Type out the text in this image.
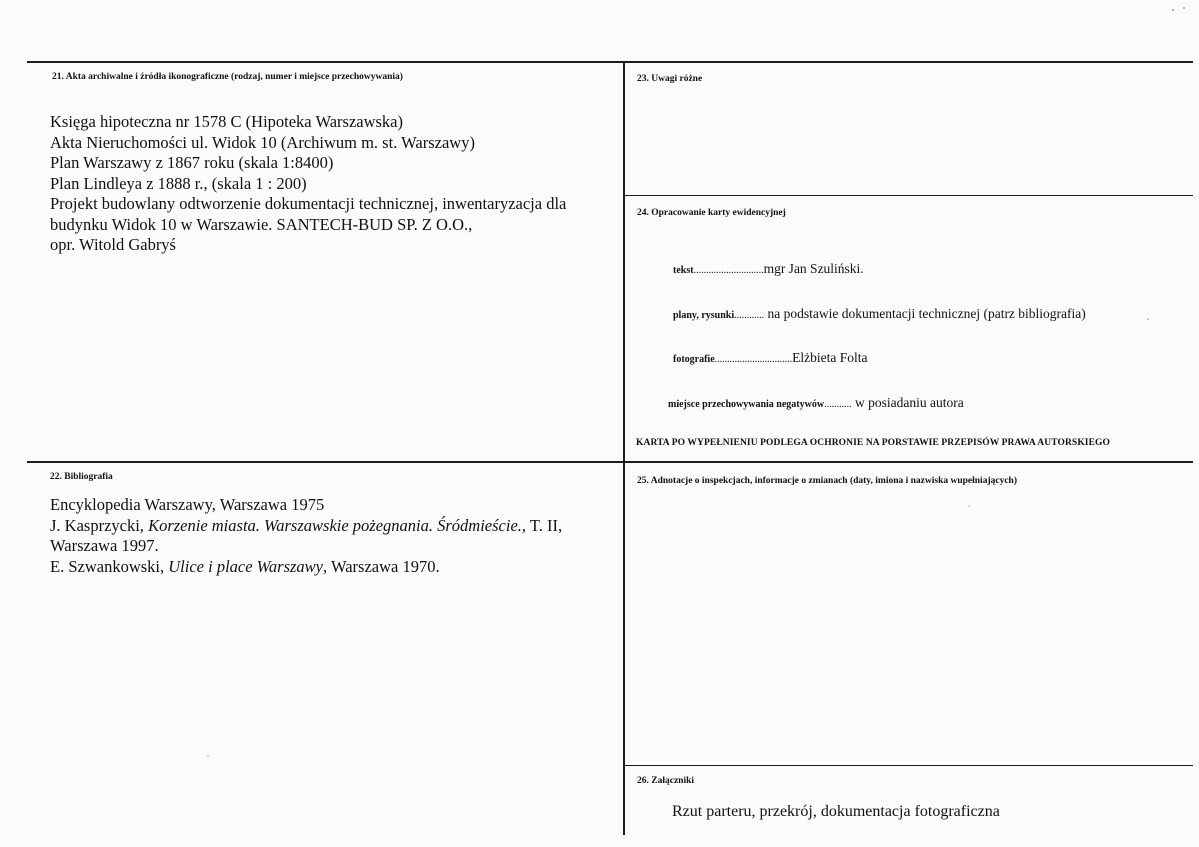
21. Akta archiwalne i źródła ikonograficzne (rodzaj, numer i miejsce przechowywania)
Księga hipoteczna nr 1578 C (Hipoteka Warszawska)
Akta Nieruchomości ul. Widok 10 (Archiwum m. st. Warszawy)
Plan Warszawy z 1867 roku (skala 1:8400)
Plan Lindleya z 1888 r., (skala 1 : 200)
Projekt budowlany odtworzenie dokumentacji technicznej, inwentaryzacja dla
budynku Widok 10 w Warszawie. SANTECH-BUD SP. Z O.O.,
opr. Witold Gabryś
22. Bibliografia
Encyklopedia Warszawy, Warszawa 1975
J. Kasprzycki, Korzenie miasta. Warszawskie pożegnania. Śródmieście., T. II,
Warszawa 1997.
E. Szwankowski, Ulice i place Warszawy, Warszawa 1970.
23. Uwagi różne
24. Opracowanie karty ewidencyjnej
tekst............................mgr Jan Szuliński.
plany, rysunki............ na podstawie dokumentacji technicznej (patrz bibliografia)
fotografie...............................Elżbieta Folta
miejsce przechowywania negatywów........... w posiadaniu autora
KARTA PO WYPEŁNIENIU PODLEGA OCHRONIE NA PORSTAWIE PRZEPISÓW PRAWA AUTORSKIEGO
25. Adnotacje o inspekcjach, informacje o zmianach (daty, imiona i nazwiska wupełniających)
26. Załączniki
Rzut parteru, przekrój, dokumentacja fotograficzna
